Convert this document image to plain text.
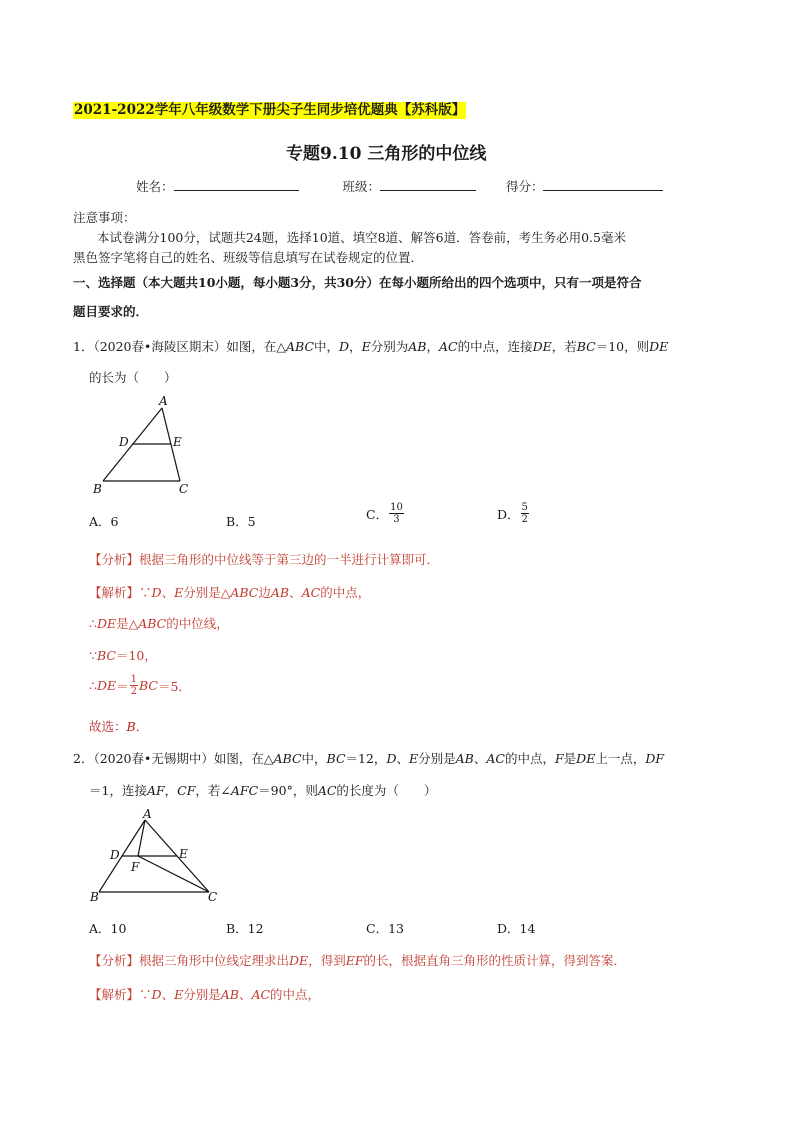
2021-2022学年八年级数学下册尖子生同步培优题典【苏科版】
专题9.10 三角形的中位线
姓名：	班级：	得分：
注意事项：
本试卷满分100分，试题共24题，选择10道、填空8道、解答6道．答卷前，考生务必用0.5毫米
黑色签字笔将自己的姓名、班级等信息填写在试卷规定的位置．
一、选择题（本大题共10小题，每小题3分，共30分）在每小题所给出的四个选项中，只有一项是符合
题目要求的．
1．（2020春•海陵区期末）如图，在△ABC中，D，E分别为AB，AC的中点，连接DE，若BC＝10，则DE
的长为（　　）
A
D	E
B	C
A．6	B．5	C． $\frac{10}{3}$	D． $\frac{5}{2}$
【分析】根据三角形的中位线等于第三边的一半进行计算即可．
【解析】∵D、E分别是△ABC边AB、AC的中点，
∴DE是△ABC的中位线，
∵BC＝10，
∴ DE ＝ $\frac{1}{2}$ BC ＝5．
故选：B．
2．（2020春•无锡期中）如图，在△ABC中，BC＝12，D、E分别是AB、AC的中点，F是DE上一点，DF
＝1，连接AF，CF，若∠AFC＝90°，则AC的长度为（　　）
A
D	E
F
B	C
A．10	B．12	C．13	D．14
【分析】根据三角形中位线定理求出DE，得到EF的长，根据直角三角形的性质计算，得到答案．
【解析】∵D、E分别是AB、AC的中点，
